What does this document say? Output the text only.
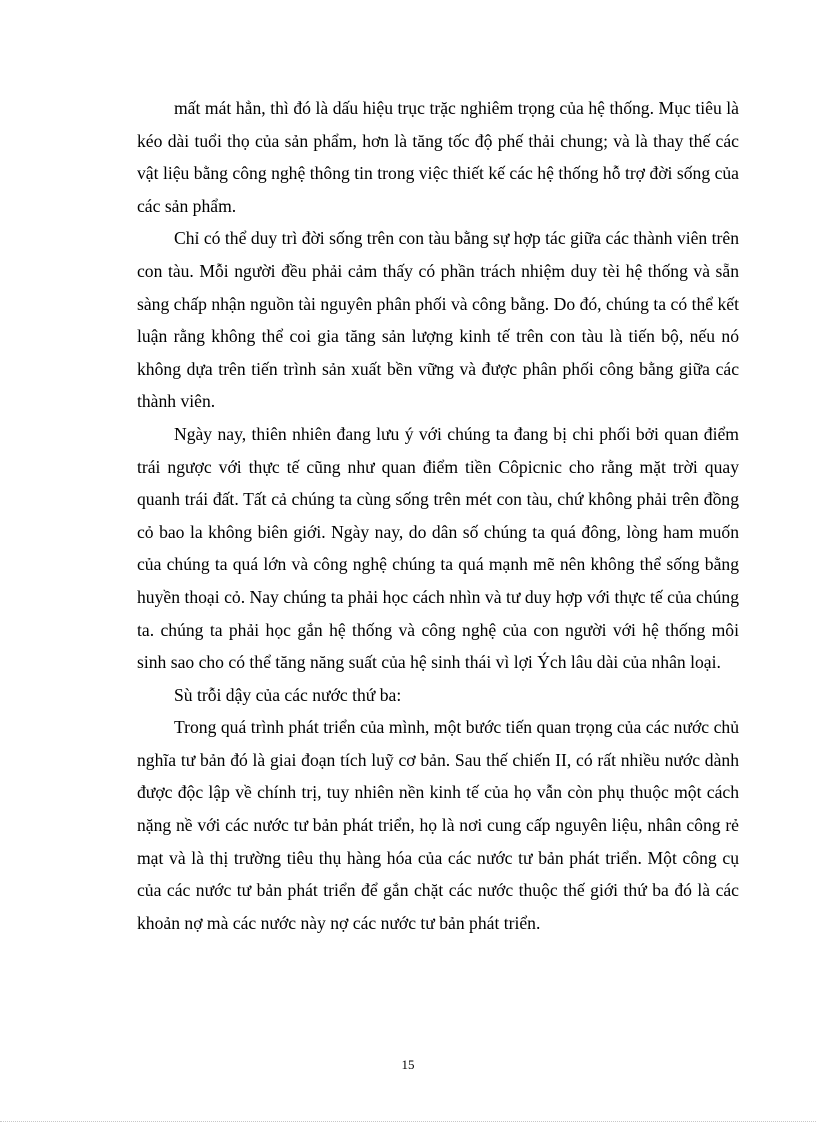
mất mát hẳn, thì đó là dấu hiệu trục trặc nghiêm trọng của hệ thống. Mục tiêu là kéo dài tuổi thọ của sản phẩm, hơn là tăng tốc độ phế thải chung; và là thay thế các vật liệu bằng công nghệ thông tin trong việc thiết kế các hệ thống hỗ trợ đời sống của các sản phẩm.

Chỉ có thể duy trì đời sống trên con tàu bằng sự hợp tác giữa các thành viên trên con tàu. Mỗi người đều phải cảm thấy có phần trách nhiệm duy tèi hệ thống và sẵn sàng chấp nhận nguồn tài nguyên phân phối và công bằng. Do đó, chúng ta có thể kết luận rằng không thể coi gia tăng sản lượng kinh tế trên con tàu là tiến bộ, nếu nó không dựa trên tiến trình sản xuất bền vững và được phân phối công bằng giữa các thành viên.

Ngày nay, thiên nhiên đang lưu ý với chúng ta đang bị chi phối bởi quan điểm trái ngược với thực tế cũng như quan điểm tiền Côpicnic cho rằng mặt trời quay quanh trái đất. Tất cả chúng ta cùng sống trên mét con tàu, chứ không phải trên đồng cỏ bao la không biên giới. Ngày nay, do dân số chúng ta quá đông, lòng ham muốn của chúng ta quá lớn và công nghệ chúng ta quá mạnh mẽ nên không thể sống bằng huyền thoại cỏ. Nay chúng ta phải học cách nhìn và tư duy hợp với thực tế của chúng ta. chúng ta phải học gắn hệ thống và công nghệ của con người với hệ thống môi sinh sao cho có thể tăng năng suất của hệ sinh thái vì lợi Ých lâu dài của nhân loại.

Sù trỗi dậy của các nước thứ ba:

Trong quá trình phát triển của mình, một bước tiến quan trọng của các nước chủ nghĩa tư bản đó là giai đoạn tích luỹ cơ bản. Sau thế chiến II, có rất nhiều nước dành được độc lập về chính trị, tuy nhiên nền kinh tế của họ vẫn còn phụ thuộc một cách nặng nề với các nước tư bản phát triển, họ là nơi cung cấp nguyên liệu, nhân công rẻ mạt và là thị trường tiêu thụ hàng hóa của các nước tư bản phát triển. Một công cụ của các nước tư bản phát triển để gắn chặt các nước thuộc thế giới thứ ba đó là các khoản nợ mà các nước này nợ các nước tư bản phát triển.

15
